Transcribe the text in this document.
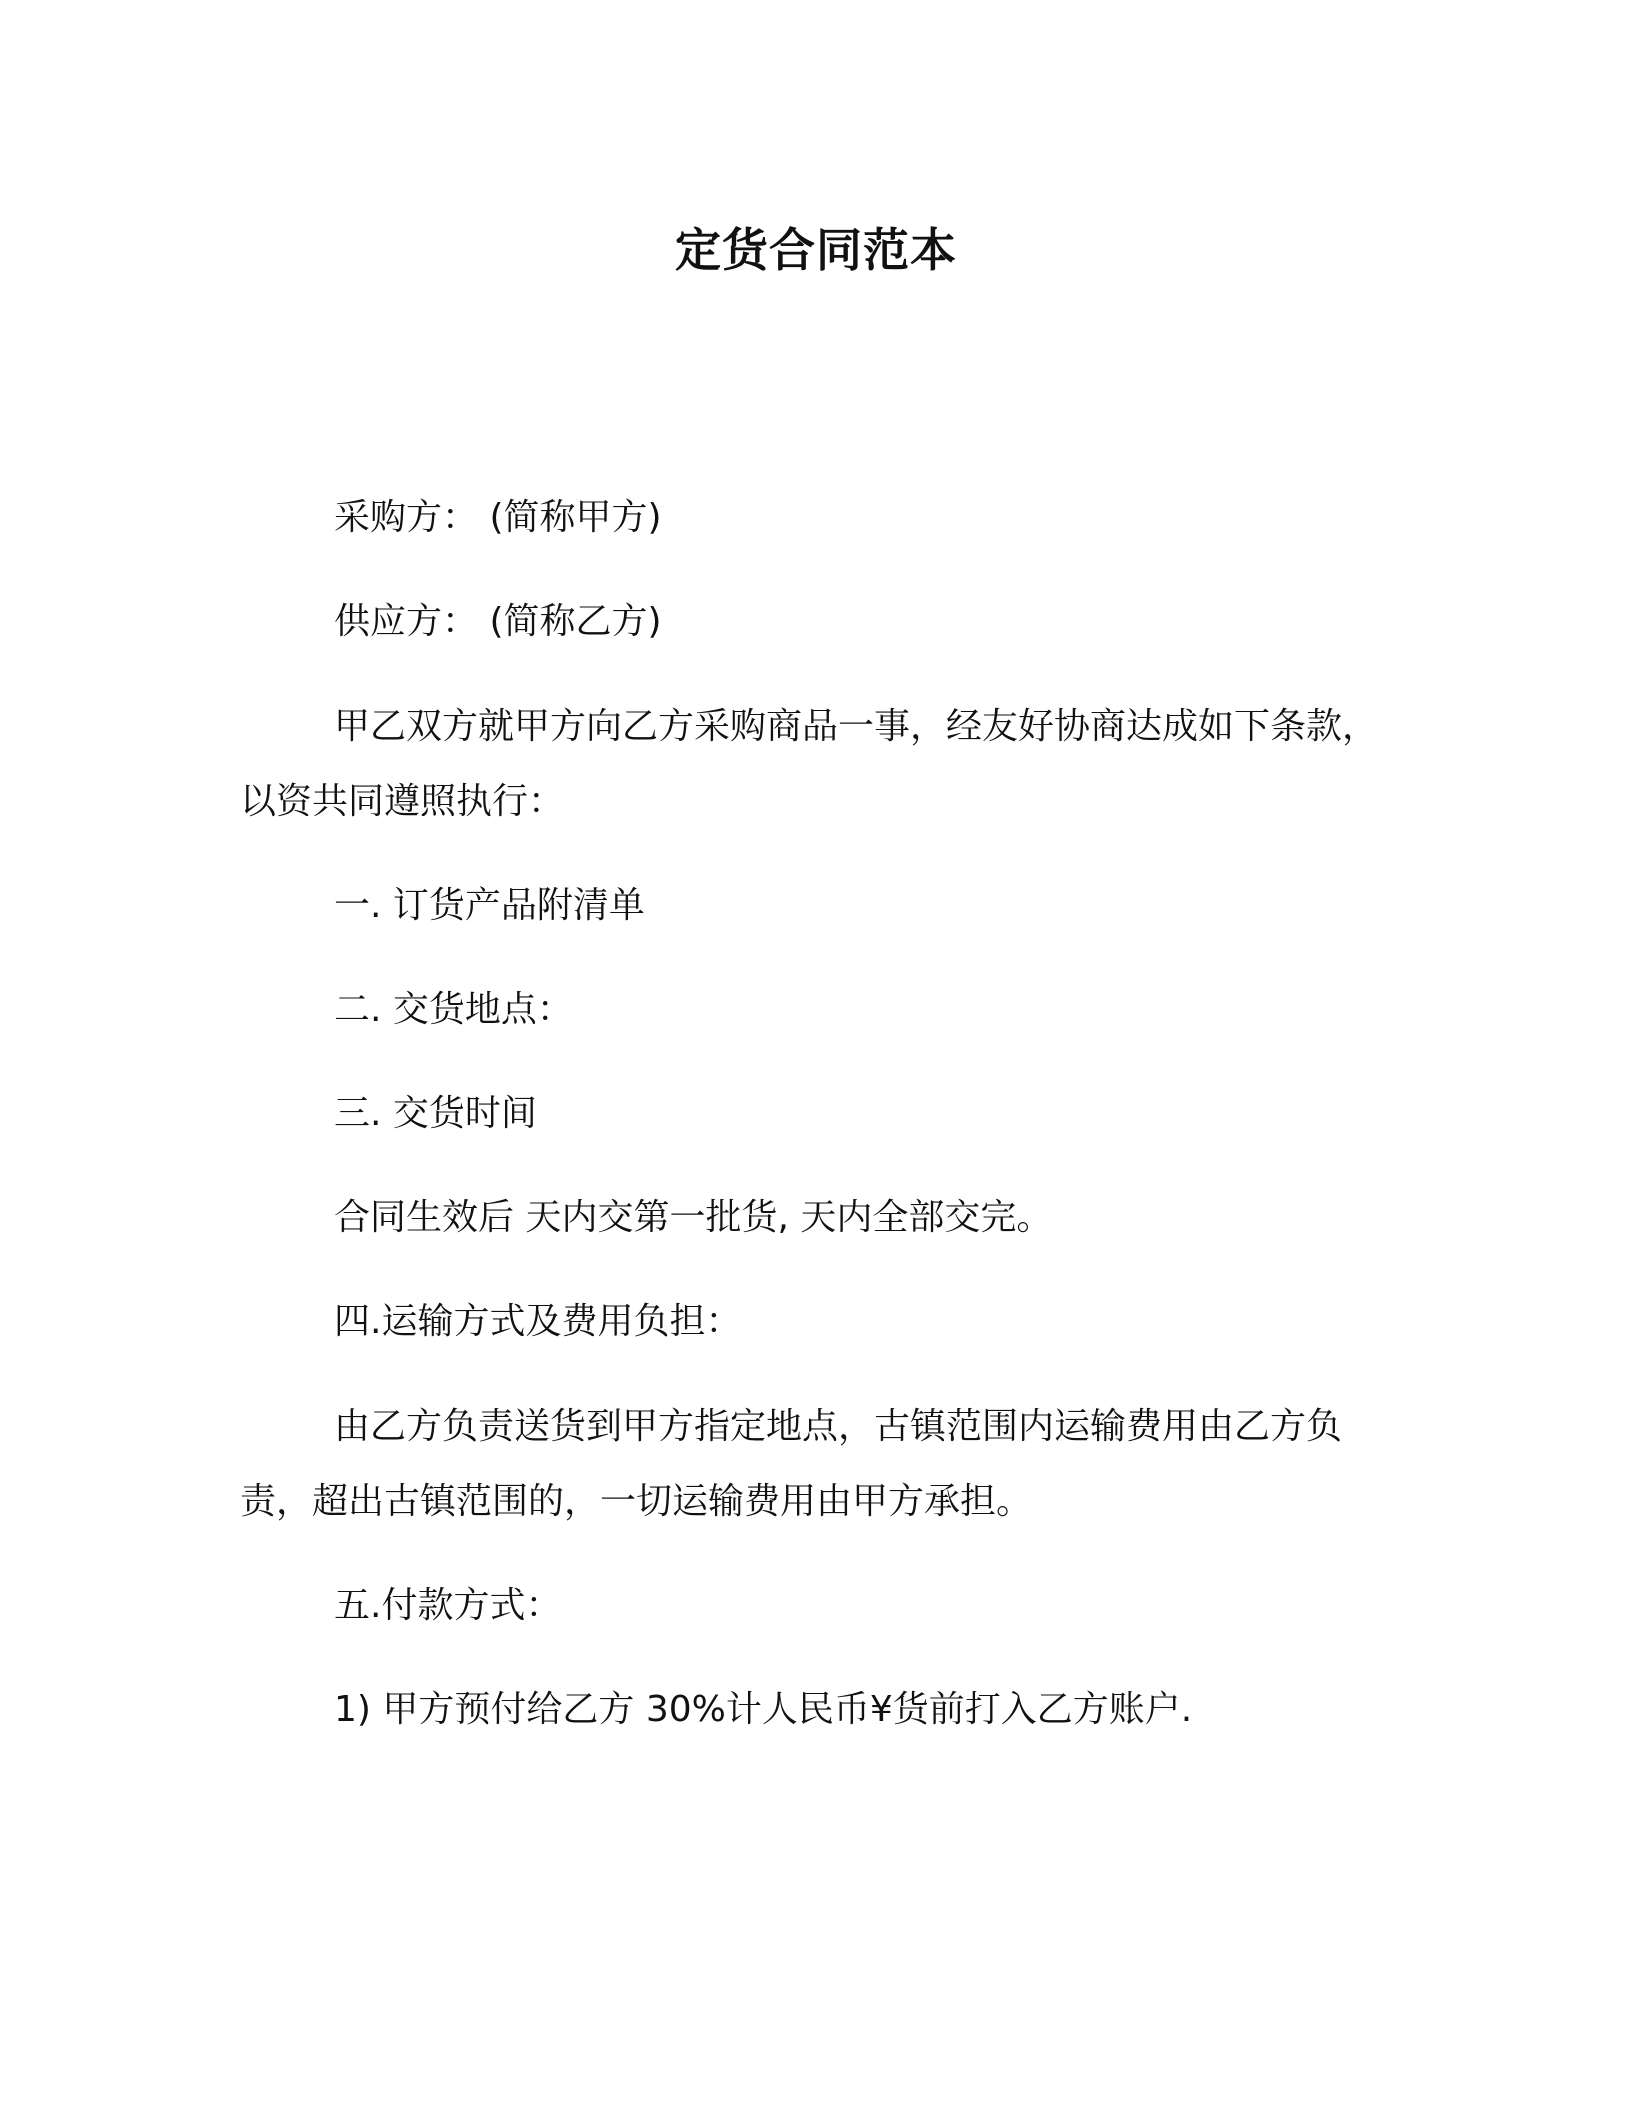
定货合同范本

采购方： (简称甲方)

供应方： (简称乙方)

甲乙双方就甲方向乙方采购商品一事，经友好协商达成如下条款，

以资共同遵照执行：

一. 订货产品附清单

二. 交货地点：

三. 交货时间

合同生效后 天内交第一批货, 天内全部交完。

四.运输方式及费用负担：

由乙方负责送货到甲方指定地点，古镇范围内运输费用由乙方负

责，超出古镇范围的，一切运输费用由甲方承担。

五.付款方式：

1) 甲方预付给乙方 30%计人民币¥货前打入乙方账户.
